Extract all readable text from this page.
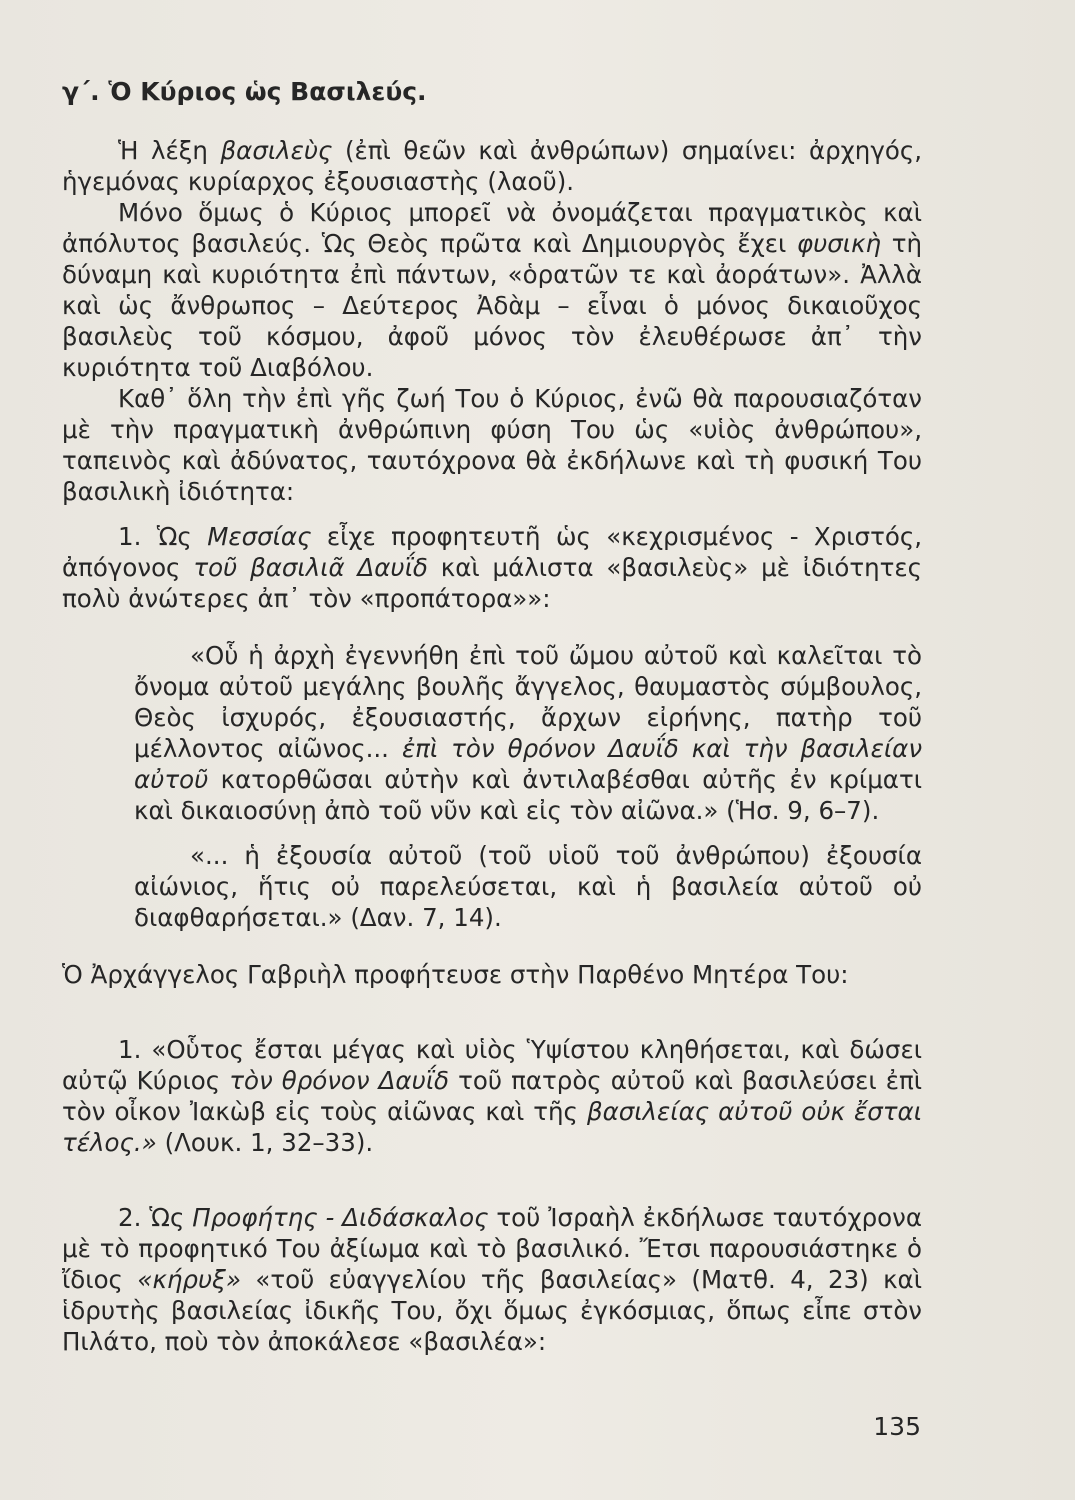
γ΄. Ὁ Κύριος ὡς Βασιλεύς.

Ἡ λέξη βασιλεὺς (ἐπὶ θεῶν καὶ ἀνθρώπων) σημαίνει: ἀρχηγός, ἡγεμόνας κυρίαρχος ἐξουσιαστὴς (λαοῦ).

Μόνο ὅμως ὁ Κύριος μπορεῖ νὰ ὀνομάζεται πραγματικὸς καὶ ἀπόλυτος βασιλεύς. Ὡς Θεὸς πρῶτα καὶ Δημιουργὸς ἔχει φυσικὴ τὴ δύναμη καὶ κυριότητα ἐπὶ πάντων, «ὁρατῶν τε καὶ ἀοράτων». Ἀλλὰ καὶ ὡς ἄνθρωπος – Δεύτερος Ἀδὰμ – εἶναι ὁ μόνος δικαιοῦχος βασιλεὺς τοῦ κόσμου, ἀφοῦ μόνος τὸν ἐλευθέρωσε ἀπ᾽ τὴν κυριότητα τοῦ Διαβόλου.

Καθ᾽ ὅλη τὴν ἐπὶ γῆς ζωή Του ὁ Κύριος, ἐνῶ θὰ παρουσιαζόταν μὲ τὴν πραγματικὴ ἀνθρώπινη φύση Του ὡς «υἱὸς ἀνθρώπου», ταπεινὸς καὶ ἀδύνατος, ταυτόχρονα θὰ ἐκδήλωνε καὶ τὴ φυσική Του βασιλικὴ ἰδιότητα:

1. Ὡς Μεσσίας εἶχε προφητευτῆ ὡς «κεχρισμένος - Χριστός, ἀπόγονος τοῦ βασιλιᾶ Δαυΐδ καὶ μάλιστα «βασιλεὺς» μὲ ἰδιότητες πολὺ ἀνώτερες ἀπ᾽ τὸν «προπάτορα»»:

«Οὗ ἡ ἀρχὴ ἐγεννήθη ἐπὶ τοῦ ὤμου αὐτοῦ καὶ καλεῖται τὸ ὄνομα αὐτοῦ μεγάλης βουλῆς ἄγγελος, θαυμαστὸς σύμβουλος, Θεὸς ἰσχυρός, ἐξουσιαστής, ἄρχων εἰρήνης, πατὴρ τοῦ μέλλοντος αἰῶνος... ἐπὶ τὸν θρόνον Δαυΐδ καὶ τὴν βασιλείαν αὐτοῦ κατορθῶσαι αὐτὴν καὶ ἀντιλαβέσθαι αὐτῆς ἐν κρίματι καὶ δικαιοσύνῃ ἀπὸ τοῦ νῦν καὶ εἰς τὸν αἰῶνα.» (Ἡσ. 9, 6–7).

«... ἡ ἐξουσία αὐτοῦ (τοῦ υἱοῦ τοῦ ἀνθρώπου) ἐξουσία αἰώνιος, ἥτις οὐ παρελεύσεται, καὶ ἡ βασιλεία αὐτοῦ οὐ διαφθαρήσεται.» (Δαν. 7, 14).

Ὁ Ἀρχάγγελος Γαβριὴλ προφήτευσε στὴν Παρθένο Μητέρα Του:

1. «Οὗτος ἔσται μέγας καὶ υἱὸς Ὑψίστου κληθήσεται, καὶ δώσει αὐτῷ Κύριος τὸν θρόνον Δαυΐδ τοῦ πατρὸς αὐτοῦ καὶ βασιλεύσει ἐπὶ τὸν οἶκον Ἰακὼβ εἰς τοὺς αἰῶνας καὶ τῆς βασιλείας αὐτοῦ οὐκ ἔσται τέλος.» (Λουκ. 1, 32–33).

2. Ὡς Προφήτης - Διδάσκαλος τοῦ Ἰσραὴλ ἐκδήλωσε ταυτόχρονα μὲ τὸ προφητικό Του ἀξίωμα καὶ τὸ βασιλικό. Ἔτσι παρουσιάστηκε ὁ ἴδιος «κήρυξ» «τοῦ εὐαγγελίου τῆς βασιλείας» (Ματθ. 4, 23) καὶ ἱδρυτὴς βασιλείας ἰδικῆς Του, ὄχι ὅμως ἐγκόσμιας, ὅπως εἶπε στὸν Πιλάτο, ποὺ τὸν ἀποκάλεσε «βασιλέα»:

135
